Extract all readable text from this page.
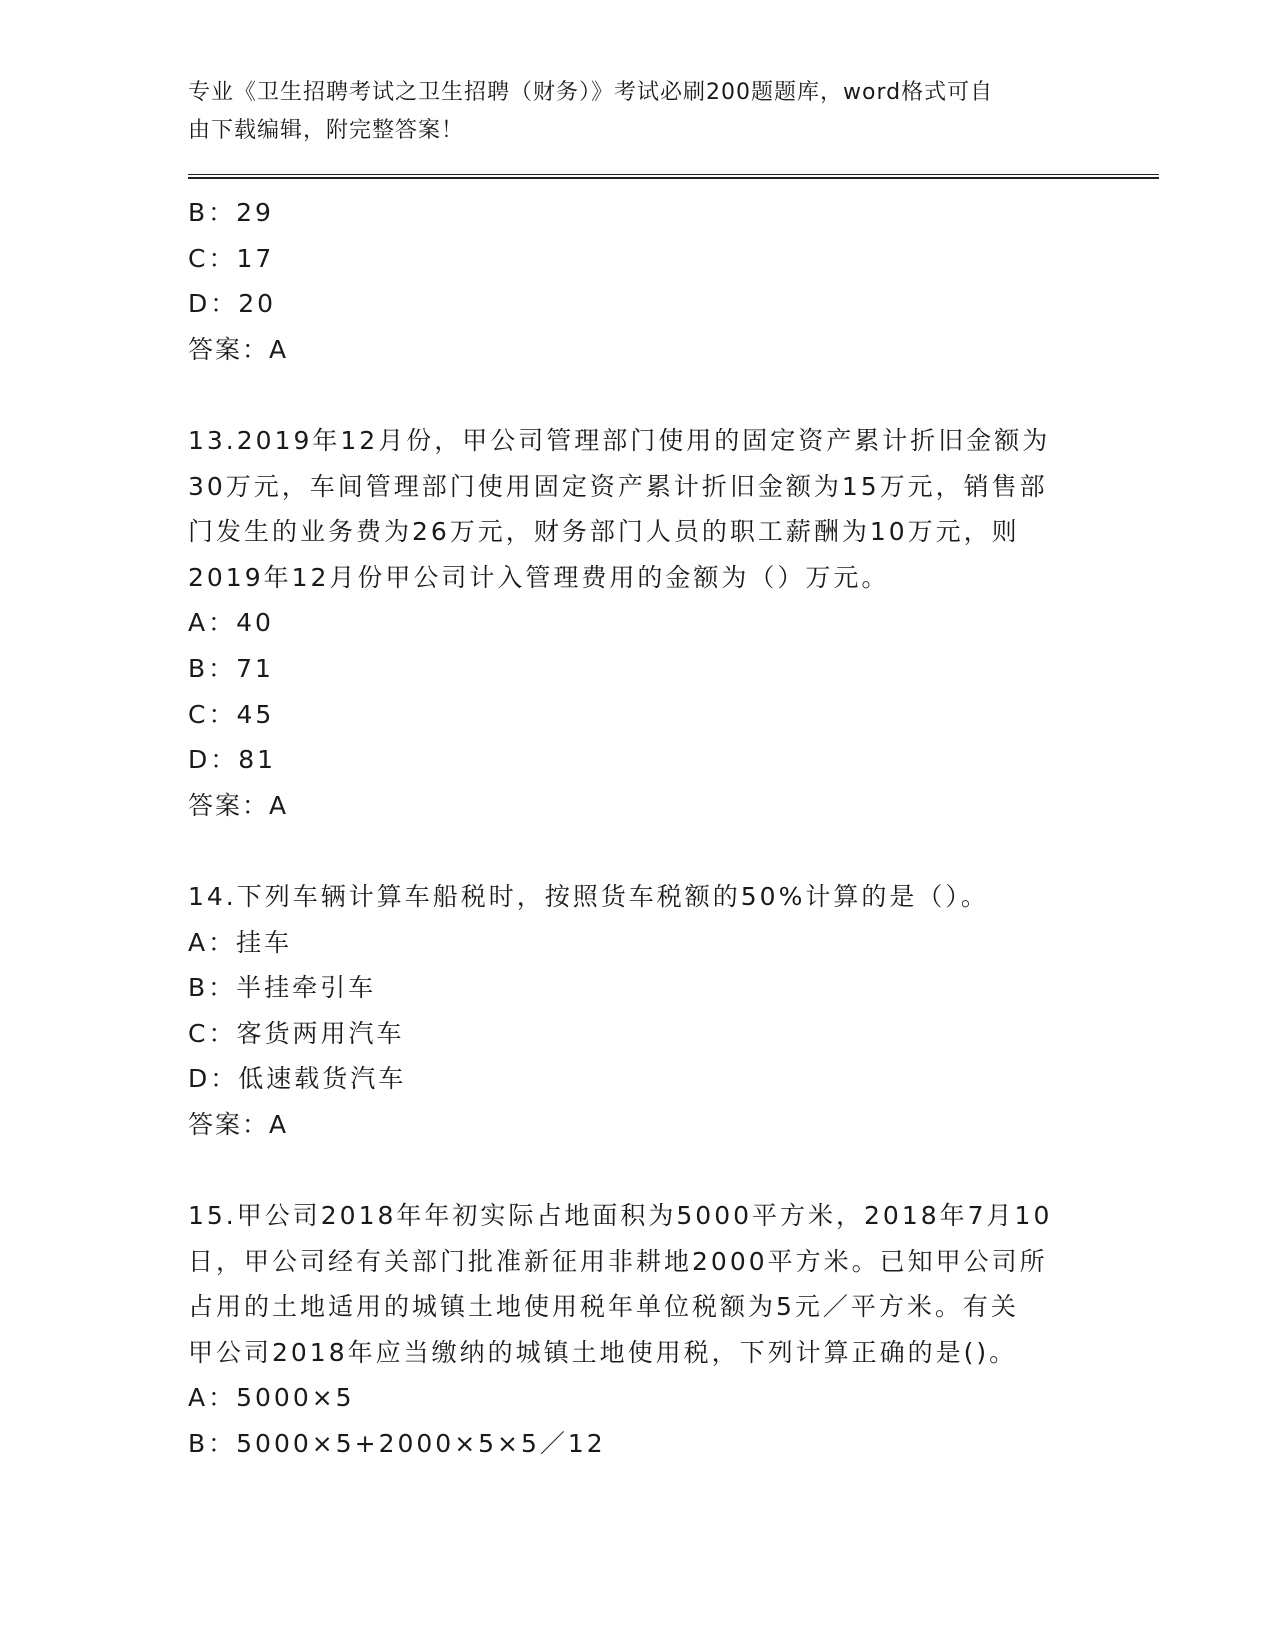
专业《卫生招聘考试之卫生招聘（财务）》考试必刷200题题库，word格式可自
由下载编辑，附完整答案！
B：29
C：17
D：20
答案：A
13.2019年12月份，甲公司管理部门使用的固定资产累计折旧金额为
30万元，车间管理部门使用固定资产累计折旧金额为15万元，销售部
门发生的业务费为26万元，财务部门人员的职工薪酬为10万元，则
2019年12月份甲公司计入管理费用的金额为（）万元。
A：40
B：71
C：45
D：81
答案：A
14.下列车辆计算车船税时，按照货车税额的50%计算的是（）。
A：挂车
B：半挂牵引车
C：客货两用汽车
D：低速载货汽车
答案：A
15.甲公司2018年年初实际占地面积为5000平方米，2018年7月10
日，甲公司经有关部门批准新征用非耕地2000平方米。已知甲公司所
占用的土地适用的城镇土地使用税年单位税额为5元／平方米。有关
甲公司2018年应当缴纳的城镇土地使用税，下列计算正确的是()。
A：5000×5
B：5000×5+2000×5×5／12
